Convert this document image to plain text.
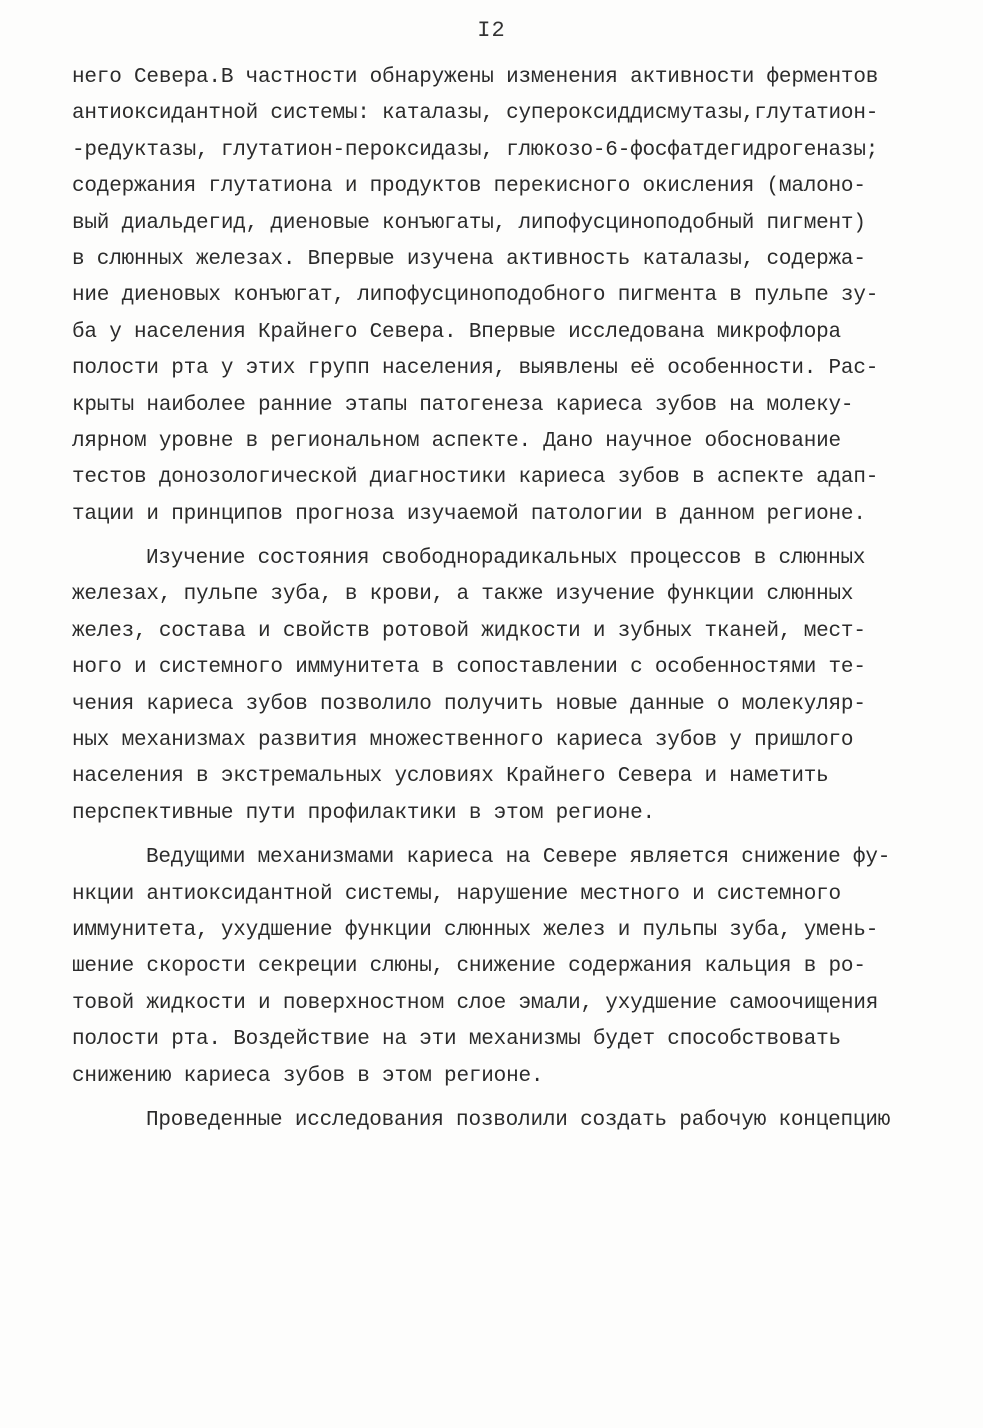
I2
него Севера.В частности обнаружены изменения активности ферментов
антиоксидантной системы: каталазы, супероксиддисмутазы,глутатион-
-редуктазы, глутатион-пероксидазы, глюкозо-6-фосфатдегидрогеназы;
содержания глутатиона и продуктов перекисного окисления (малоно-
вый диальдегид, диеновые конъюгаты, липофусциноподобный пигмент)
в слюнных железах. Впервые изучена активность каталазы, содержа-
ние диеновых конъюгат, липофусциноподобного пигмента в пульпе зу-
ба у населения Крайнего Севера. Впервые исследована микрофлора
полости рта у этих групп населения, выявлены её особенности. Рас-
крыты наиболее ранние этапы патогенеза кариеса зубов на молеку-
лярном уровне в региональном аспекте. Дано научное обоснование
тестов донозологической диагностики кариеса зубов в аспекте адап-
тации и принципов прогноза изучаемой патологии в данном регионе.
Изучение состояния свободнорадикальных процессов в слюнных
железах, пульпе зуба, в крови, а также изучение функции слюнных
желез, состава и свойств ротовой жидкости и зубных тканей, мест-
ного и системного иммунитета в сопоставлении с особенностями те-
чения кариеса зубов позволило получить новые данные о молекуляр-
ных механизмах развития множественного кариеса зубов у пришлого
населения в экстремальных условиях Крайнего Севера и наметить
перспективные пути профилактики в этом регионе.
Ведущими механизмами кариеса на Севере является снижение фу-
нкции антиоксидантной системы, нарушение местного и системного
иммунитета, ухудшение функции слюнных желез и пульпы зуба, умень-
шение скорости секреции слюны, снижение содержания кальция в ро-
товой жидкости и поверхностном слое эмали, ухудшение самоочищения
полости рта. Воздействие на эти механизмы будет способствовать
снижению кариеса зубов в этом регионе.
Проведенные исследования позволили создать рабочую концепцию
